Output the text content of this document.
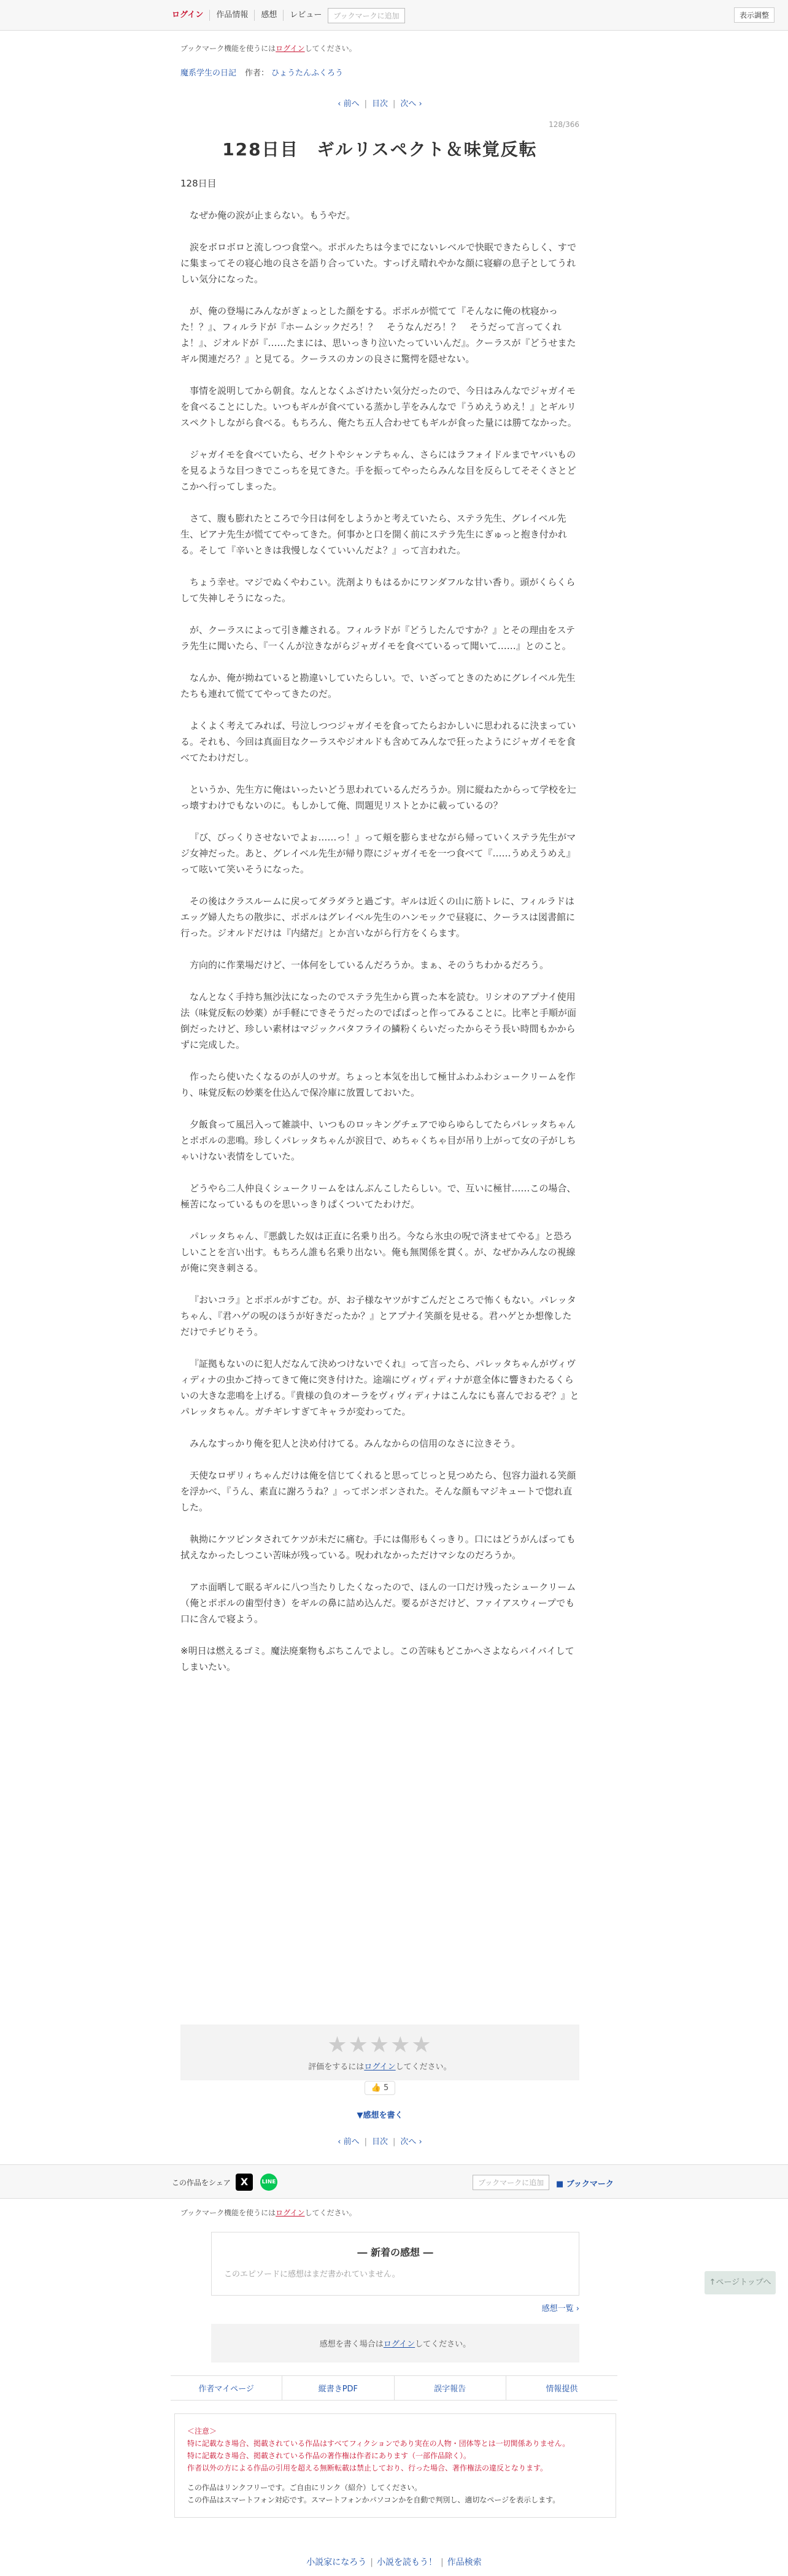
ログイン	作品情報	感想	レビュー	ブックマークに追加	表示調整

ブックマーク機能を使うにはログインしてください。

魔系学生の日記 作者： ひょうたんふくろう

‹ 前へ | 目次 | 次へ ›
128/366
128日目　ギルリスペクト＆味覚反転

128日目

なぜか俺の涙が止まらない。もうやだ。

涙をボロボロと流しつつ食堂へ。ポポルたちは今までにないレベルで快眠できたらしく、すでに集まってその寝心地の良さを語り合っていた。すっげえ晴れやかな顔に寝癖の息子としてうれしい気分になった。

が、俺の登場にみんながぎょっとした顔をする。ポポルが慌てて『そんなに俺の枕寝かった！？』、フィルラドが『ホームシックだろ！？　そうなんだろ！？　そうだって言ってくれよ！』、ジオルドが『……たまには、思いっきり泣いたっていいんだ』。クーラスが『どうせまたギル関連だろ？』と見てる。クーラスのカンの良さに驚愕を隠せない。

事情を説明してから朝食。なんとなくふざけたい気分だったので、今日はみんなでジャガイモを食べることにした。いつもギルが食べている蒸かし芋をみんなで『うめえうめえ！』とギルリスペクトしながら食べる。もちろん、俺たち五人合わせてもギルが食った量には勝てなかった。

ジャガイモを食べていたら、ゼクトやシャンテちゃん、さらにはラフォイドルまでヤバいものを見るような目つきでこっちを見てきた。手を振ってやったらみんな目を反らしてそそくさとどこかへ行ってしまった。

さて、腹も膨れたところで今日は何をしようかと考えていたら、ステラ先生、グレイベル先生、ピアナ先生が慌ててやってきた。何事かと口を開く前にステラ先生にぎゅっと抱き付かれる。そして『辛いときは我慢しなくていいんだよ？』って言われた。

ちょう幸せ。マジでぬくやわこい。洗剤よりもはるかにワンダフルな甘い香り。頭がくらくらして失神しそうになった。

が、クーラスによって引き離される。フィルラドが『どうしたんですか？』とその理由をステラ先生に聞いたら、『一くんが泣きながらジャガイモを食べているって聞いて……』とのこと。

なんか、俺が拗ねていると勘違いしていたらしい。で、いざってときのためにグレイベル先生たちも連れて慌ててやってきたのだ。

よくよく考えてみれば、号泣しつつジャガイモを食ってたらおかしいに思われるに決まっている。それも、今回は真面目なクーラスやジオルドも含めてみんなで狂ったようにジャガイモを食べてたわけだし。

というか、先生方に俺はいったいどう思われているんだろうか。別に縦ねたからって学校を辷っ壊すわけでもないのに。もしかして俺、問題児リストとかに載っているの？

『び、びっくりさせないでよぉ……っ！』って頬を膨らませながら帰っていくステラ先生がマジ女神だった。あと、グレイベル先生が帰り際にジャガイモを一つ食べて『……うめえうめえ』って呟いて笑いそうになった。

その後はクラスルームに戻ってダラダラと過ごす。ギルは近くの山に筋トレに、フィルラドはエッグ婦人たちの散歩に、ポポルはグレイベル先生のハンモックで昼寝に、クーラスは図書館に行った。ジオルドだけは『内緒だ』とか言いながら行方をくらます。

方向的に作業場だけど、一体何をしているんだろうか。まぁ、そのうちわかるだろう。

なんとなく手持ち無沙汰になったのでステラ先生から貰った本を読む。リシオのアプナイ使用法（味覚反転の妙薬）が手軽にできそうだったのでぱぱっと作ってみることに。比率と手順が面倒だったけど、珍しい素材はマジックバタフライの鱗粉くらいだったからそう長い時間もかからずに完成した。

作ったら使いたくなるのが人のサガ。ちょっと本気を出して極甘ふわふわシュークリームを作り、味覚反転の妙薬を仕込んで保冷庫に放置しておいた。

夕飯食って風呂入って雑談中、いつものロッキングチェアでゆらゆらしてたらパレッタちゃんとポポルの悲鳴。珍しくパレッタちゃんが涙目で、めちゃくちゃ目が吊り上がって女の子がしちゃいけない表情をしていた。

どうやら二人仲良くシュークリームをはんぶんこしたらしい。で、互いに極甘……この場合、極苦になっているものを思いっきりぱくついてたわけだ。

パレッタちゃん、『悪戯した奴は正直に名乗り出ろ。今なら氷虫の呪で済ませてやる』と恐ろしいことを言い出す。もちろん誰も名乗り出ない。俺も無関係を貫く。が、なぜかみんなの視線が俺に突き刺さる。

『おいコラ』とポポルがすごむ。が、お子様なヤツがすごんだところで怖くもない。パレッタちゃん、『君ハゲの呪のほうが好きだったか？』とアプナイ笑顔を見せる。君ハゲとか想像しただけでチビりそう。

『証拠もないのに犯人だなんて決めつけないでくれ』って言ったら、パレッタちゃんがヴィヴィディナの虫かご持ってきて俺に突き付けた。途端にヴィヴィディナが意全体に響きわたるくらいの大きな悲鳴を上げる。『貴様の負のオーラをヴィヴィディナはこんなにも喜んでおるぞ？』とパレッタちゃん。ガチギレすぎてキャラが変わってた。

みんなすっかり俺を犯人と決め付けてる。みんなからの信用のなさに泣きそう。

天使なロザリィちゃんだけは俺を信じてくれると思ってじっと見つめたら、包容力溢れる笑顔を浮かべ、『うん、素直に謝ろうね？』ってポンポンされた。そんな顔もマジキュートで惚れ直した。

執拗にケツピンタされてケツが未だに痛む。手には傷形もくっきり。口にはどうがんばっても拭えなかったしつこい苦味が残っている。呪われなかっただけマシなのだろうか。

アホ面晒して眠るギルに八つ当たりしたくなったので、ほんの一口だけ残ったシュークリーム（俺とポポルの歯型付き）をギルの鼻に詰め込んだ。要るがさだけど、ファイアスウィープでも口に含んで寝よう。

※明日は燃えるゴミ。魔法廃棄物もぶちこんでよし。この苦味もどこかへさよならバイバイしてしまいたい。

★★★★★

評価をするにはログインしてください。

👍 5
▼感想を書く
‹ 前へ | 目次 | 次へ ›
この作品をシェア	X	LINE	ブックマークに追加	■ ブックマーク

ブックマーク機能を使うにはログインしてください。

― 新着の感想 ―

このエピソードに感想はまだ書かれていません。

感想一覧 ›
感想を書く場合はログインしてください。
作者マイページ	縦書きPDF	誤字報告	情報提供

＜注意＞

特に記載なき場合、掲載されている作品はすべてフィクションであり実在の人物・団体等とは一切関係ありません。

特に記載なき場合、掲載されている作品の著作権は作者にあります（一部作品除く）。

作者以外の方による作品の引用を超える無断転載は禁止しており、行った場合、著作権法の違反となります。

この作品はリンクフリーです。ご自由にリンク（紹介）してください。

この作品はスマートフォン対応です。スマートフォンかパソコンかを自動で判別し、適切なページを表示します。

↑ページトップへ
小説家になろう | 小説を読もう！ | 作品検索
